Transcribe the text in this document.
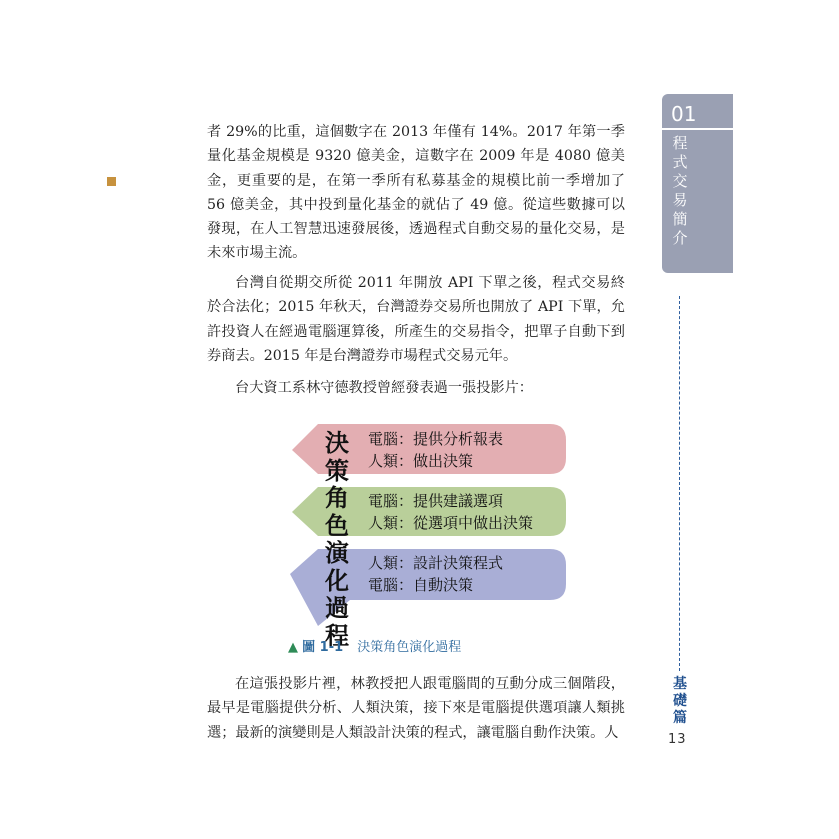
者 29%的比重，這個數字在 2013 年僅有 14%。2017 年第一季量化基金規模是 9320 億美金，這數字在 2009 年是 4080 億美金，更重要的是，在第一季所有私募基金的規模比前一季增加了 56 億美金，其中投到量化基金的就佔了 49 億。從這些數據可以發現，在人工智慧迅速發展後，透過程式自動交易的量化交易，是未來市場主流。

台灣自從期交所從 2011 年開放 API 下單之後，程式交易終於合法化；2015 年秋天，台灣證券交易所也開放了 API 下單，允許投資人在經過電腦運算後，所產生的交易指令，把單子自動下到券商去。2015 年是台灣證券市場程式交易元年。

台大資工系林守德教授曾經發表過一張投影片：

決策角色演化過程
電腦：提供分析報表
人類：做出決策
電腦：提供建議選項
人類：從選項中做出決策
人類：設計決策程式
電腦：自動決策
▲ 圖 1-1 決策角色演化過程

在這張投影片裡，林教授把人跟電腦間的互動分成三個階段，最早是電腦提供分析、人類決策，接下來是電腦提供選項讓人類挑選；最新的演變則是人類設計決策的程式，讓電腦自動作決策。人

01
程式交易簡介
基礎篇
13
